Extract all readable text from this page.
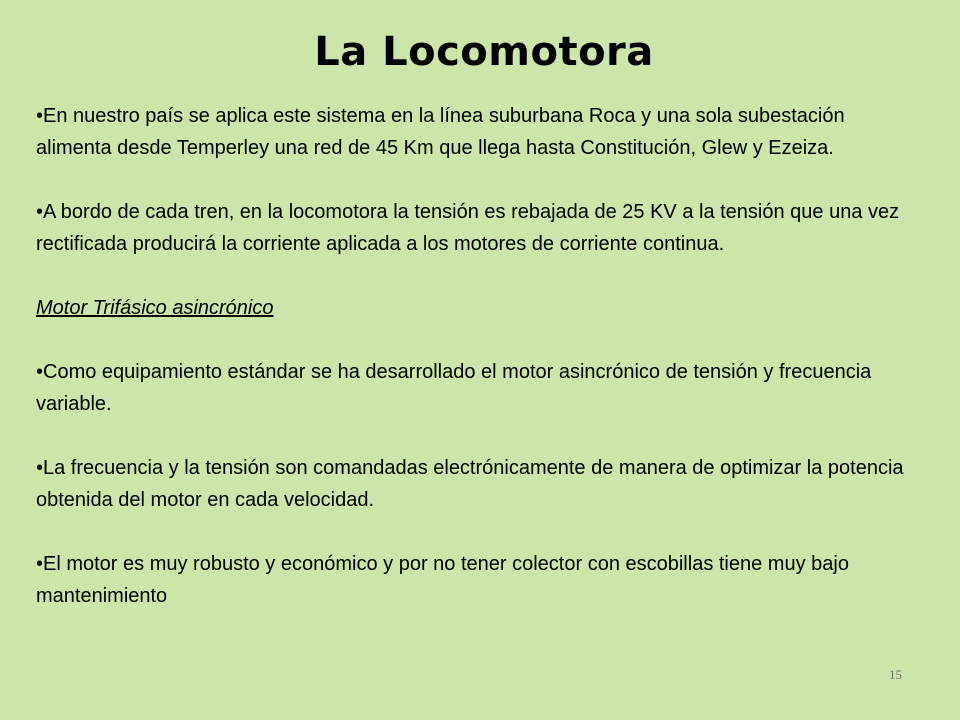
La Locomotora

•En nuestro país se aplica este sistema en la línea suburbana Roca y una sola subestación alimenta desde Temperley una red de 45 Km que llega hasta Constitución, Glew y Ezeiza.

•A bordo de cada tren, en la locomotora la tensión es rebajada de 25 KV a la tensión que una vez rectificada producirá la corriente aplicada a los motores de corriente continua.

Motor Trifásico asincrónico

•Como equipamiento estándar se ha desarrollado el motor asincrónico de tensión y frecuencia variable.

•La frecuencia y la tensión son comandadas electrónicamente de manera de optimizar la potencia obtenida del motor en cada velocidad.

•El motor es muy robusto y económico y por no tener colector con escobillas tiene muy bajo mantenimiento

15
